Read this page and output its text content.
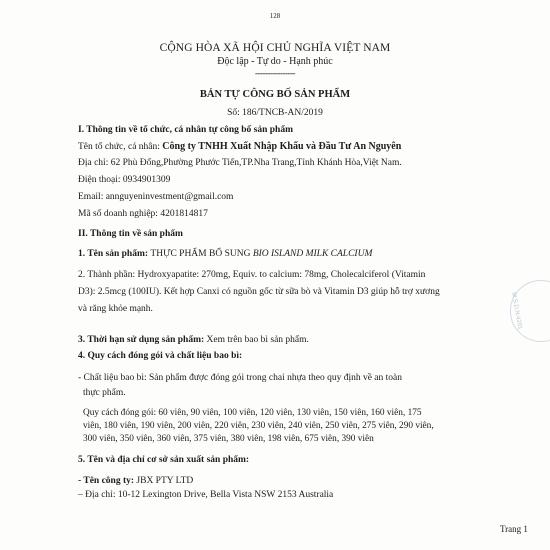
128
CỘNG HÒA XÃ HỘI CHỦ NGHĨA VIỆT NAM
Độc lập - Tự do - Hạnh phúc
----------------
BẢN TỰ CÔNG BỐ SẢN PHẨM
Số: 186/TNCB-AN/2019
I. Thông tin về tổ chức, cá nhân tự công bố sản phẩm
Tên tổ chức, cá nhân: Công ty TNHH Xuất Nhập Khẩu và Đầu Tư An Nguyên
Địa chỉ: 62 Phù Đổng,Phường Phước Tiến,TP.Nha Trang,Tỉnh Khánh Hòa,Việt Nam.
Điện thoại: 0934901309
Email: annguyeninvestment@gmail.com
Mã số doanh nghiệp: 4201814817
II. Thông tin về sản phẩm
1. Tên sản phẩm: THỰC PHẨM BỔ SUNG BIO ISLAND MILK CALCIUM
2. Thành phần: Hydroxyapatite: 270mg, Equiv. to calcium: 78mg, Cholecalciferol (Vitamin
D3): 2.5mcg (100IU). Kết hợp Canxi có nguồn gốc từ sữa bò và Vitamin D3 giúp hỗ trợ xương
và răng khỏe mạnh.
3. Thời hạn sử dụng sản phẩm: Xem trên bao bì sản phẩm.
4. Quy cách đóng gói và chất liệu bao bì:
- Chất liệu bao bì: Sản phẩm được đóng gói trong chai nhựa theo quy định về an toàn
thực phẩm.
Quy cách đóng gói: 60 viên, 90 viên, 100 viên, 120 viên, 130 viên, 150 viên, 160 viên, 175
viên, 180 viên, 190 viên, 200 viên, 220 viên, 230 viên, 240 viên, 250 viên, 275 viên, 290 viên,
300 viên, 350 viên, 360 viên, 375 viên, 380 viên, 198 viên, 675 viên, 390 viên
5. Tên và địa chỉ cơ sở sản xuất sản phẩm:
- Tên công ty: JBX PTY LTD
– Địa chỉ: 10-12 Lexington Drive, Bella Vista NSW 2153 Australia
M.S.D.N:4201
Trang 1
